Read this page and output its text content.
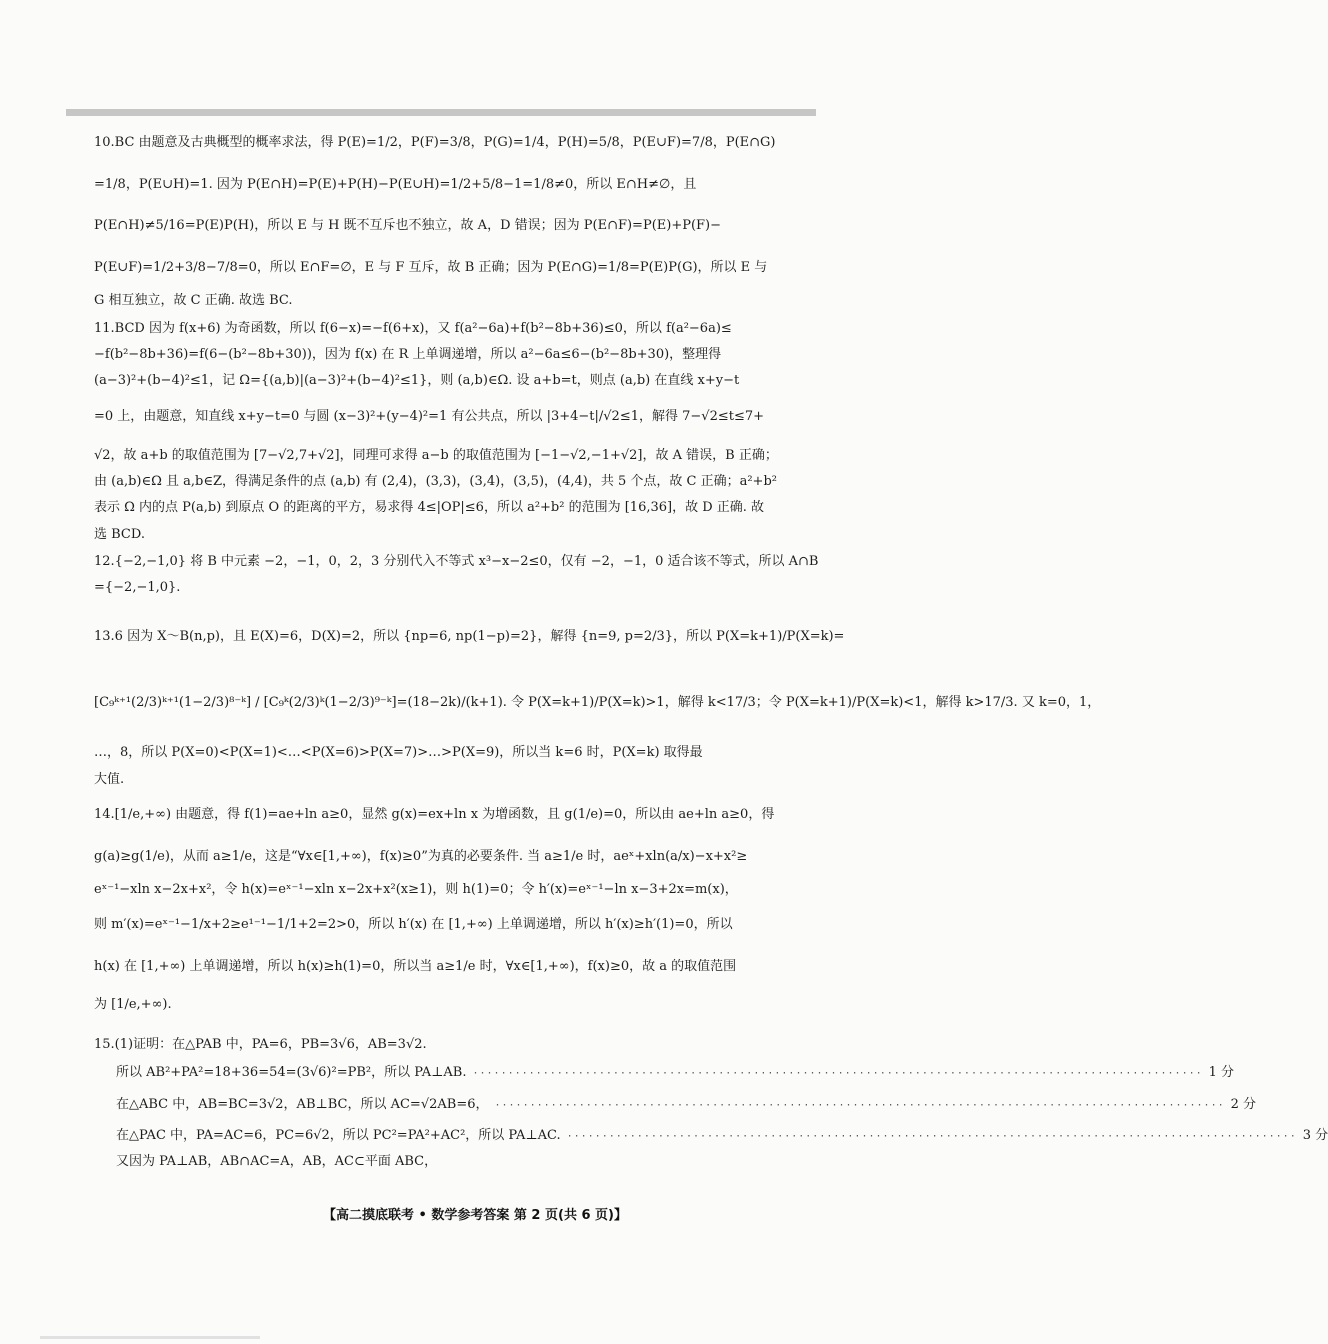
10.BC 由题意及古典概型的概率求法，得 P(E)=1/2，P(F)=3/8，P(G)=1/4，P(H)=5/8，P(E∪F)=7/8，P(E∩G)
=1/8，P(E∪H)=1. 因为 P(E∩H)=P(E)+P(H)−P(E∪H)=1/2+5/8−1=1/8≠0，所以 E∩H≠∅，且
P(E∩H)≠5/16=P(E)P(H)，所以 E 与 H 既不互斥也不独立，故 A，D 错误；因为 P(E∩F)=P(E)+P(F)−
P(E∪F)=1/2+3/8−7/8=0，所以 E∩F=∅，E 与 F 互斥，故 B 正确；因为 P(E∩G)=1/8=P(E)P(G)，所以 E 与
G 相互独立，故 C 正确. 故选 BC.
11.BCD 因为 f(x+6) 为奇函数，所以 f(6−x)=−f(6+x)，又 f(a²−6a)+f(b²−8b+36)≤0，所以 f(a²−6a)≤
−f(b²−8b+36)=f(6−(b²−8b+30))，因为 f(x) 在 R 上单调递增，所以 a²−6a≤6−(b²−8b+30)，整理得
(a−3)²+(b−4)²≤1，记 Ω={(a,b)|(a−3)²+(b−4)²≤1}，则 (a,b)∈Ω. 设 a+b=t，则点 (a,b) 在直线 x+y−t
=0 上，由题意，知直线 x+y−t=0 与圆 (x−3)²+(y−4)²=1 有公共点，所以 |3+4−t|/√2≤1，解得 7−√2≤t≤7+
√2，故 a+b 的取值范围为 [7−√2,7+√2]，同理可求得 a−b 的取值范围为 [−1−√2,−1+√2]，故 A 错误，B 正确；
由 (a,b)∈Ω 且 a,b∈Z，得满足条件的点 (a,b) 有 (2,4)，(3,3)，(3,4)，(3,5)，(4,4)，共 5 个点，故 C 正确；a²+b²
表示 Ω 内的点 P(a,b) 到原点 O 的距离的平方，易求得 4≤|OP|≤6，所以 a²+b² 的范围为 [16,36]，故 D 正确. 故
选 BCD.
12.{−2,−1,0} 将 B 中元素 −2，−1，0，2，3 分别代入不等式 x³−x−2≤0，仅有 −2，−1，0 适合该不等式，所以 A∩B
={−2,−1,0}.
13.6 因为 X～B(n,p)，且 E(X)=6，D(X)=2，所以 {np=6, np(1−p)=2}，解得 {n=9, p=2/3}，所以 P(X=k+1)/P(X=k)=
[C₉ᵏ⁺¹(2/3)ᵏ⁺¹(1−2/3)⁸⁻ᵏ] / [C₉ᵏ(2/3)ᵏ(1−2/3)⁹⁻ᵏ]=(18−2k)/(k+1). 令 P(X=k+1)/P(X=k)>1，解得 k<17/3；令 P(X=k+1)/P(X=k)<1，解得 k>17/3. 又 k=0，1，
…，8，所以 P(X=0)<P(X=1)<…<P(X=6)>P(X=7)>…>P(X=9)，所以当 k=6 时，P(X=k) 取得最
大值.
14.[1/e,+∞) 由题意，得 f(1)=ae+ln a≥0，显然 g(x)=ex+ln x 为增函数，且 g(1/e)=0，所以由 ae+ln a≥0，得
g(a)≥g(1/e)，从而 a≥1/e，这是“∀x∈[1,+∞)，f(x)≥0”为真的必要条件. 当 a≥1/e 时，aeˣ+xln(a/x)−x+x²≥
eˣ⁻¹−xln x−2x+x²，令 h(x)=eˣ⁻¹−xln x−2x+x²(x≥1)，则 h(1)=0；令 h′(x)=eˣ⁻¹−ln x−3+2x=m(x)，
则 m′(x)=eˣ⁻¹−1/x+2≥e¹⁻¹−1/1+2=2>0，所以 h′(x) 在 [1,+∞) 上单调递增，所以 h′(x)≥h′(1)=0，所以
h(x) 在 [1,+∞) 上单调递增，所以 h(x)≥h(1)=0，所以当 a≥1/e 时，∀x∈[1,+∞)，f(x)≥0，故 a 的取值范围
为 [1/e,+∞).
15.(1)证明：在△PAB 中，PA=6，PB=3√6，AB=3√2.
所以 AB²+PA²=18+36=54=(3√6)²=PB²，所以 PA⊥AB. ········································································································ 1 分
在△ABC 中，AB=BC=3√2，AB⊥BC，所以 AC=√2AB=6， ········································································································ 2 分
在△PAC 中，PA=AC=6，PC=6√2，所以 PC²=PA²+AC²，所以 PA⊥AC. ········································································································ 3 分
又因为 PA⊥AB，AB∩AC=A，AB，AC⊂平面 ABC，
【高二摸底联考 • 数学参考答案 第 2 页(共 6 页)】
